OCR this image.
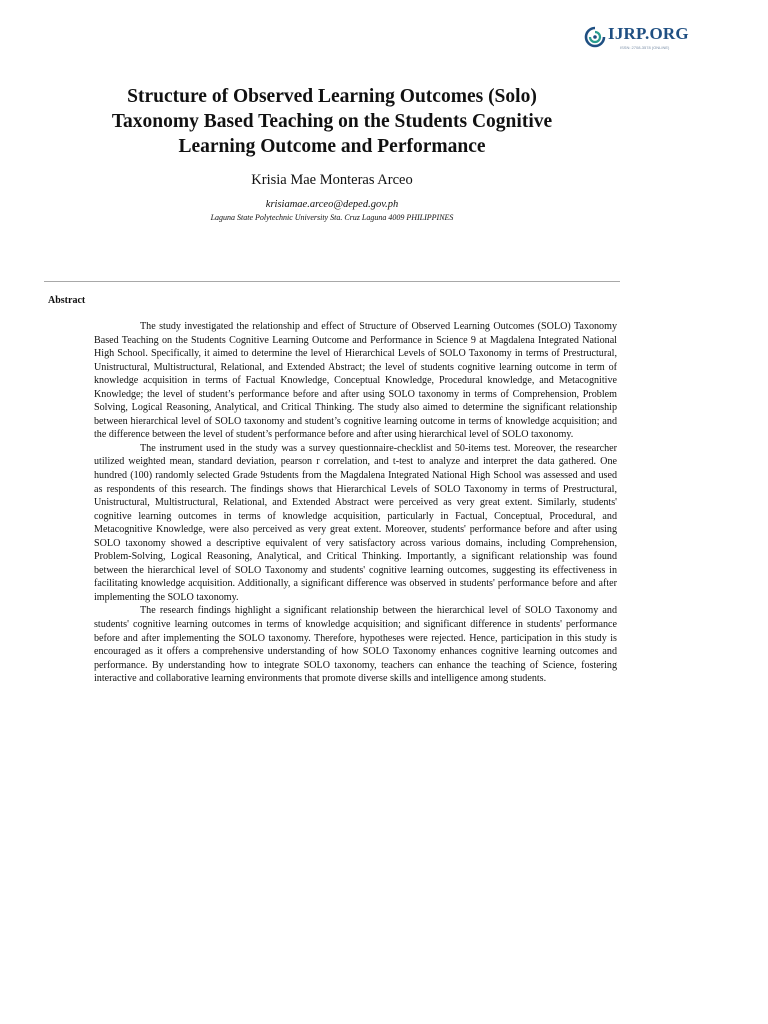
IJRP.ORG
ISSN: 2708-3578 (ONLINE)
Structure of Observed Learning Outcomes (Solo)
Taxonomy Based Teaching on the Students Cognitive
Learning Outcome and Performance

Krisia Mae Monteras Arceo

krisiamae.arceo@deped.gov.ph

Laguna State Polytechnic University Sta. Cruz Laguna 4009 PHILIPPINES

Abstract

The study investigated the relationship and effect of Structure of Observed Learning Outcomes (SOLO) Taxonomy Based Teaching on the Students Cognitive Learning Outcome and Performance in Science 9 at Magdalena Integrated National High School. Specifically, it aimed to determine the level of Hierarchical Levels of SOLO Taxonomy in terms of Prestructural, Unistructural, Multistructural, Relational, and Extended Abstract; the level of students cognitive learning outcome in term of knowledge acquisition in terms of Factual Knowledge, Conceptual Knowledge, Procedural knowledge, and Metacognitive Knowledge; the level of student’s performance before and after using SOLO taxonomy in terms of Comprehension, Problem Solving, Logical Reasoning, Analytical, and Critical Thinking. The study also aimed to determine the significant relationship between hierarchical level of SOLO taxonomy and student’s cognitive learning outcome in terms of knowledge acquisition; and the difference between the level of student’s performance before and after using hierarchical level of SOLO taxonomy.

The instrument used in the study was a survey questionnaire-checklist and 50-items test. Moreover, the researcher utilized weighted mean, standard deviation, pearson r correlation, and t-test to analyze and interpret the data gathered. One hundred (100) randomly selected Grade 9students from the Magdalena Integrated National High School was assessed and used as respondents of this research. The findings shows that Hierarchical Levels of SOLO Taxonomy in terms of Prestructural, Unistructural, Multistructural, Relational, and Extended Abstract were perceived as very great extent. Similarly, students' cognitive learning outcomes in terms of knowledge acquisition, particularly in Factual, Conceptual, Procedural, and Metacognitive Knowledge, were also perceived as very great extent. Moreover, students' performance before and after using SOLO taxonomy showed a descriptive equivalent of very satisfactory across various domains, including Comprehension, Problem-Solving, Logical Reasoning, Analytical, and Critical Thinking. Importantly, a significant relationship was found between the hierarchical level of SOLO Taxonomy and students' cognitive learning outcomes, suggesting its effectiveness in facilitating knowledge acquisition. Additionally, a significant difference was observed in students' performance before and after implementing the SOLO taxonomy.

The research findings highlight a significant relationship between the hierarchical level of SOLO Taxonomy and students' cognitive learning outcomes in terms of knowledge acquisition; and significant difference in students' performance before and after implementing the SOLO taxonomy. Therefore, hypotheses were rejected. Hence, participation in this study is encouraged as it offers a comprehensive understanding of how SOLO Taxonomy enhances cognitive learning outcomes and performance. By understanding how to integrate SOLO taxonomy, teachers can enhance the teaching of Science, fostering interactive and collaborative learning environments that promote diverse skills and intelligence among students.
